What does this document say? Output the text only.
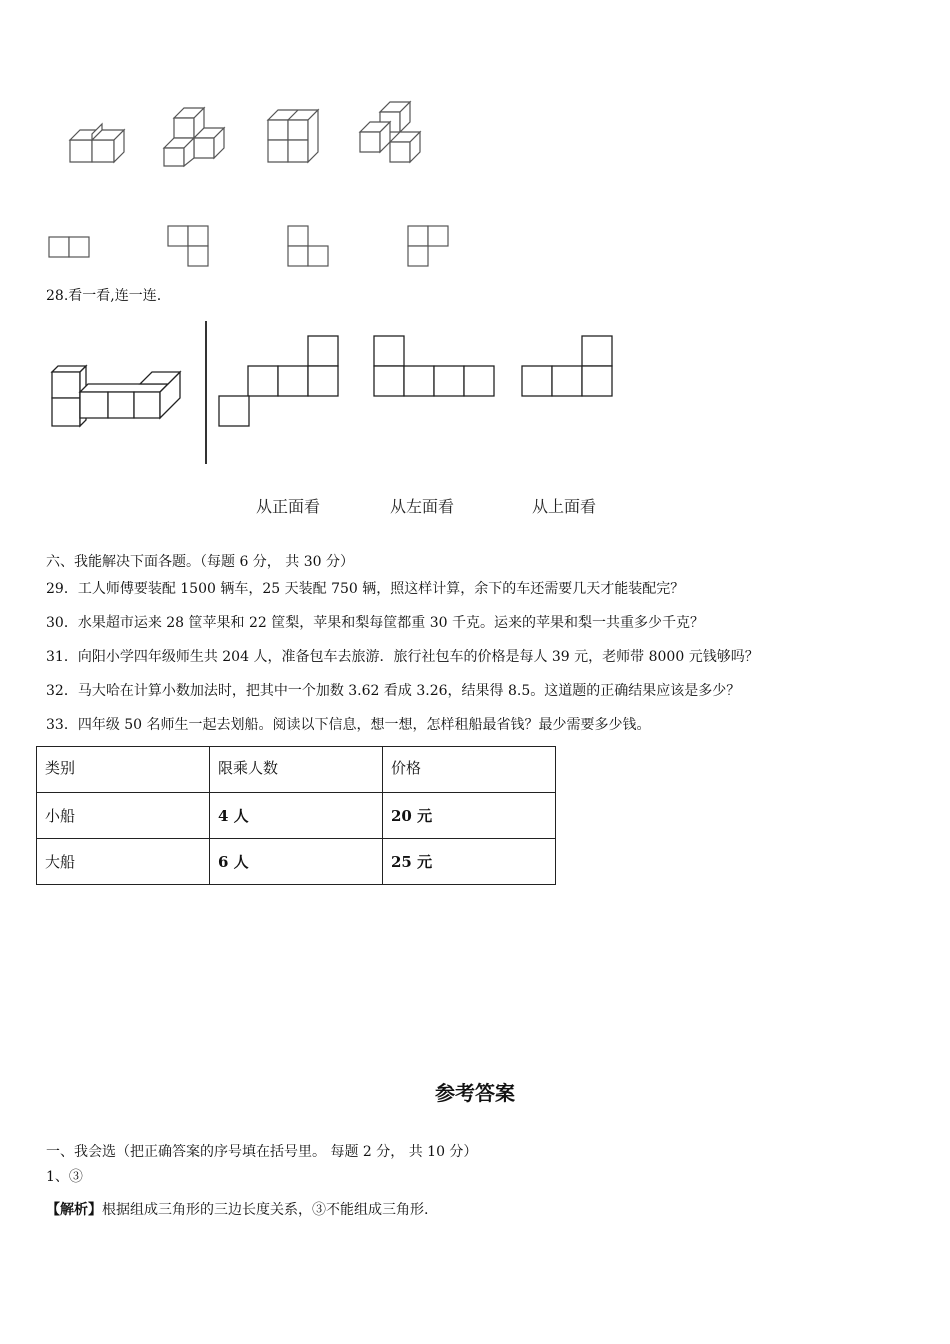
28.看一看,连一连.
从正面看	从左面看	从上面看
六、我能解决下面各题。（每题 6 分， 共 30 分）
29．工人师傅要装配 1500 辆车，25 天装配 750 辆，照这样计算，余下的车还需要几天才能装配完？
30．水果超市运来 28 筐苹果和 22 筐梨，苹果和梨每筐都重 30 千克。运来的苹果和梨一共重多少千克？
31．向阳小学四年级师生共 204 人，准备包车去旅游．旅行社包车的价格是每人 39 元，老师带 8000 元钱够吗？
32．马大哈在计算小数加法时，把其中一个加数 3.62 看成 3.26，结果得 8.5。这道题的正确结果应该是多少？
33．四年级 50 名师生一起去划船。阅读以下信息，想一想，怎样租船最省钱？最少需要多少钱。
类别	限乘人数	价格
小船	4 人	20 元
大船	6 人	25 元
参考答案
一、我会选（把正确答案的序号填在括号里。 每题 2 分， 共 10 分）
1、③
【解析】根据组成三角形的三边长度关系，③不能组成三角形.
